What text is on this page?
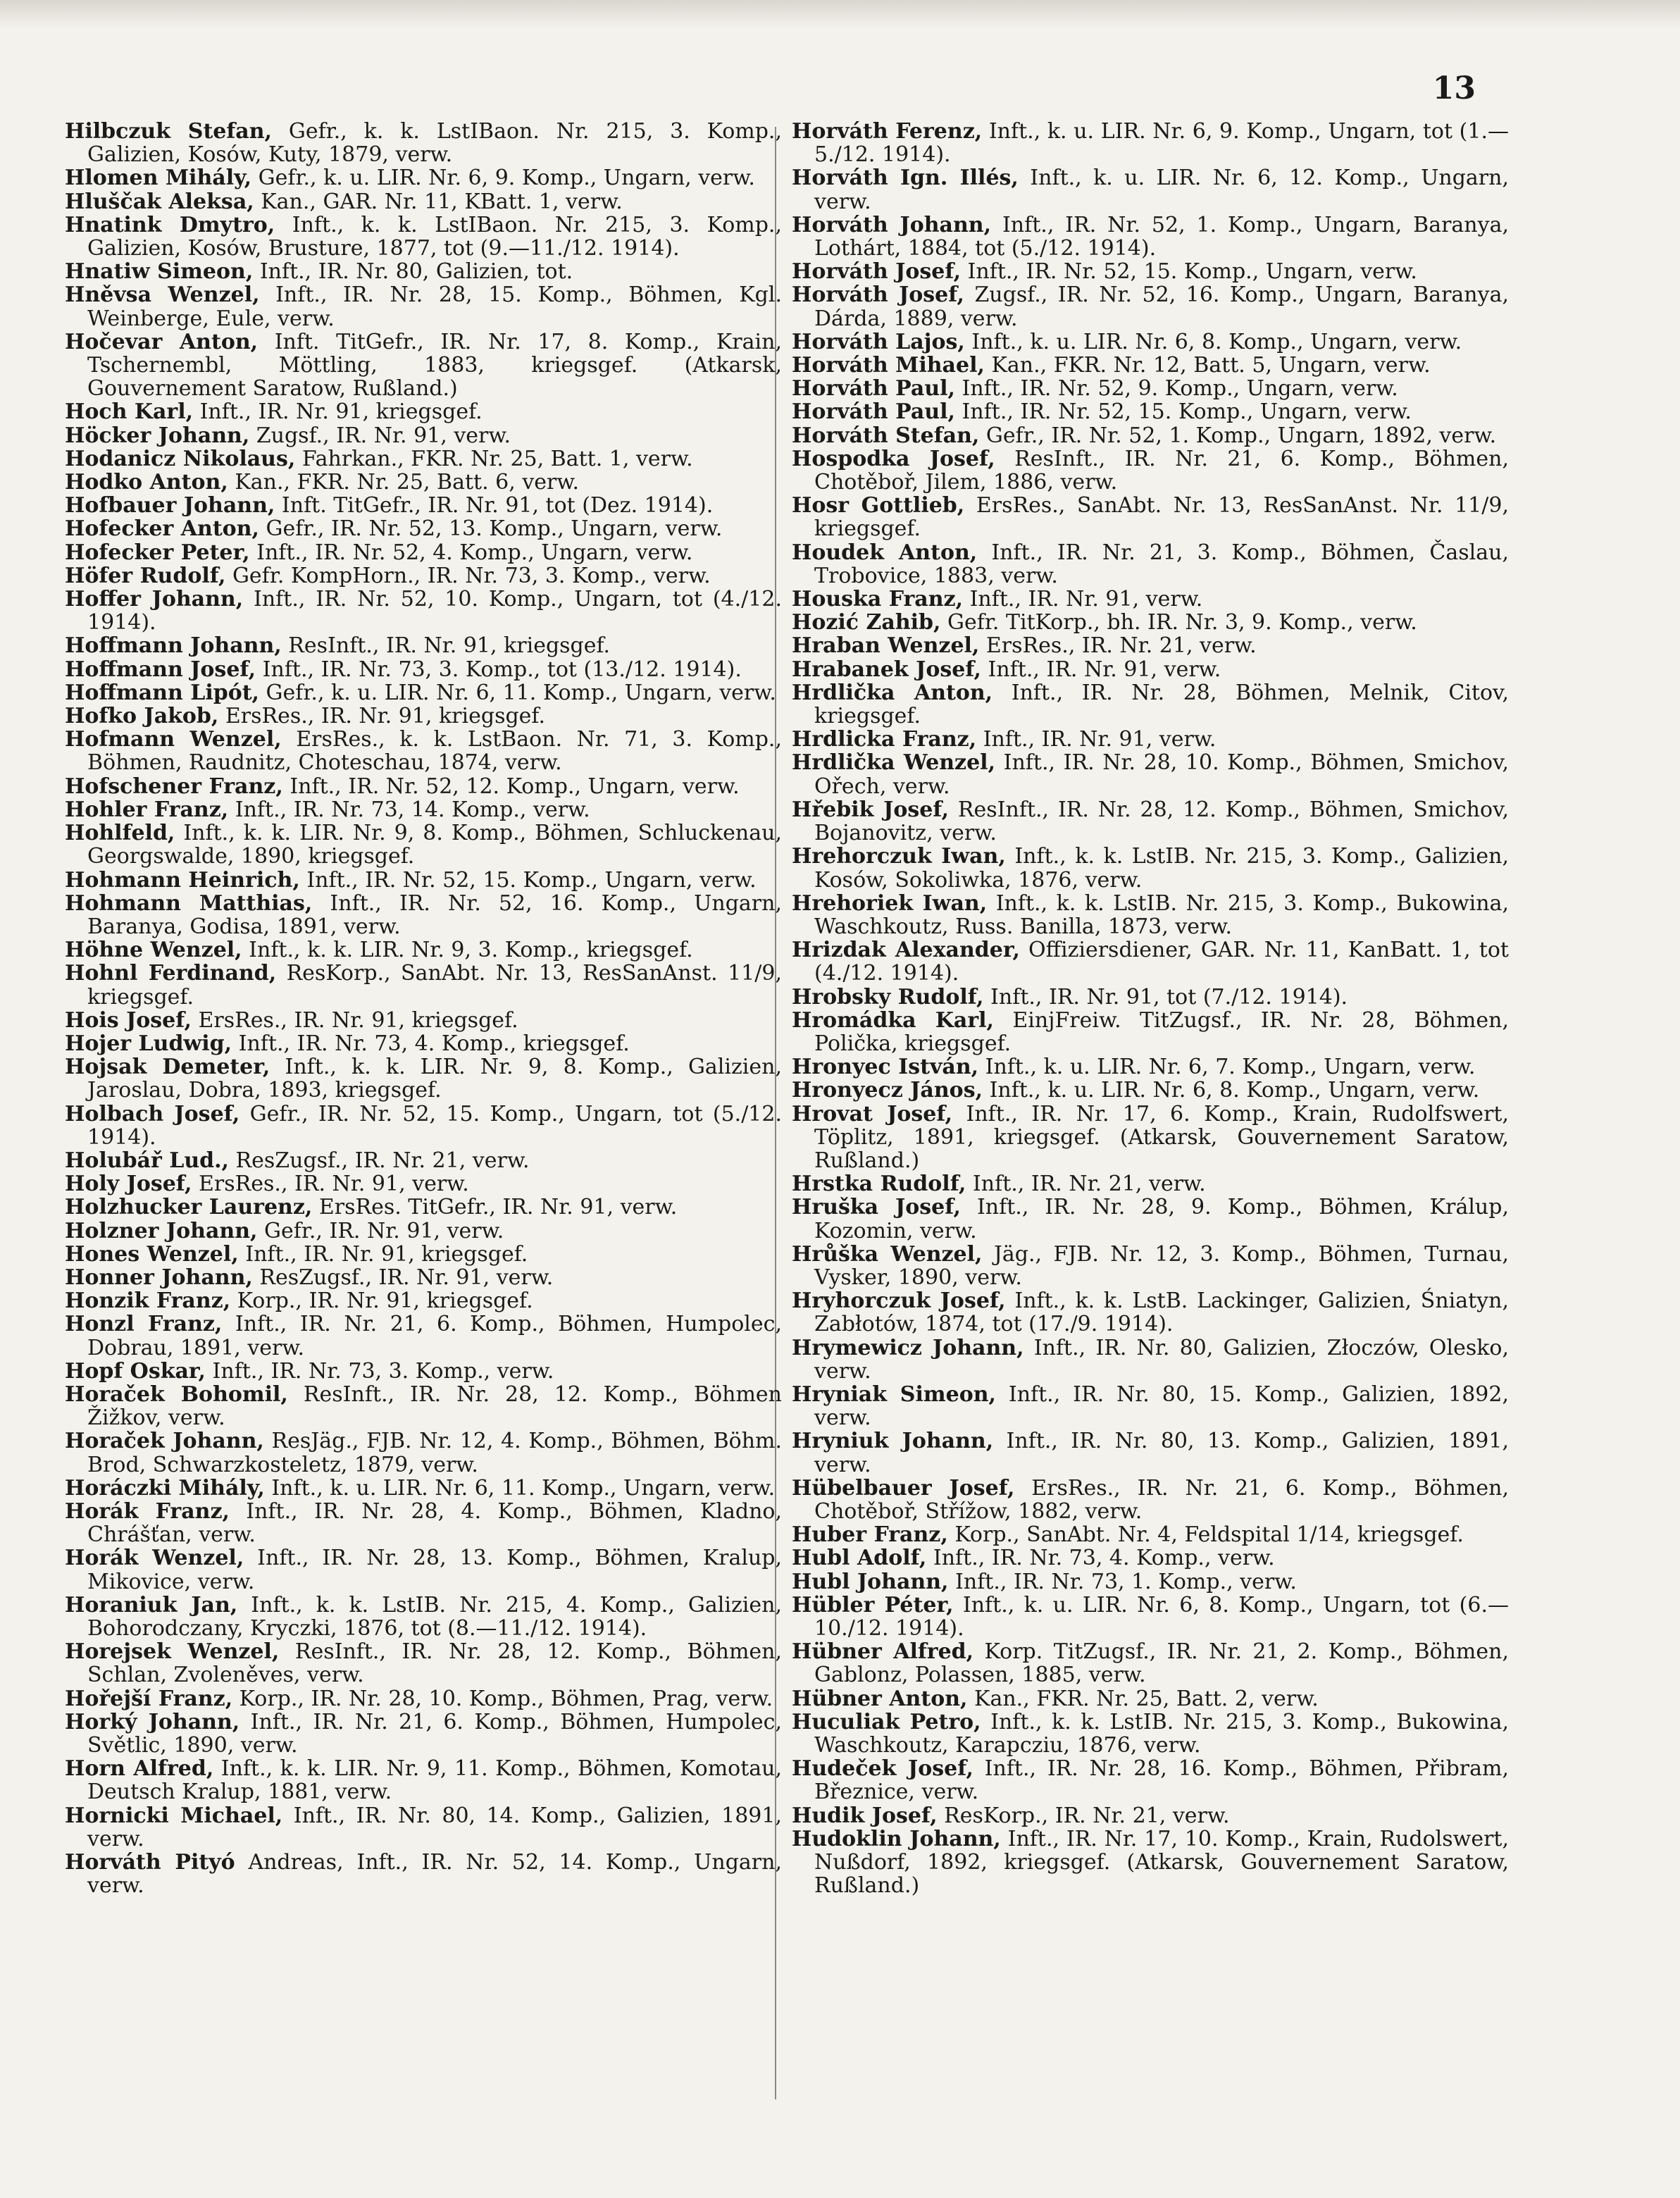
13

Hilbczuk Stefan, Gefr., k. k. LstIBaon. Nr. 215, 3. Komp., Galizien, Kosów, Kuty, 1879, verw.

Hlomen Mihály, Gefr., k. u. LIR. Nr. 6, 9. Komp., Ungarn, verw.

Hluščak Aleksa, Kan., GAR. Nr. 11, KBatt. 1, verw.

Hnatink Dmytro, Inft., k. k. LstIBaon. Nr. 215, 3. Komp., Galizien, Kosów, Brusture, 1877, tot (9.—11./12. 1914).

Hnatiw Simeon, Inft., IR. Nr. 80, Galizien, tot.

Hněvsa Wenzel, Inft., IR. Nr. 28, 15. Komp., Böhmen, Kgl. Weinberge, Eule, verw.

Hočevar Anton, Inft. TitGefr., IR. Nr. 17, 8. Komp., Krain, Tschernembl, Möttling, 1883, kriegsgef. (Atkarsk, Gouvernement Saratow, Rußland.)

Hoch Karl, Inft., IR. Nr. 91, kriegsgef.

Höcker Johann, Zugsf., IR. Nr. 91, verw.

Hodanicz Nikolaus, Fahrkan., FKR. Nr. 25, Batt. 1, verw.

Hodko Anton, Kan., FKR. Nr. 25, Batt. 6, verw.

Hofbauer Johann, Inft. TitGefr., IR. Nr. 91, tot (Dez. 1914).

Hofecker Anton, Gefr., IR. Nr. 52, 13. Komp., Ungarn, verw.

Hofecker Peter, Inft., IR. Nr. 52, 4. Komp., Ungarn, verw.

Höfer Rudolf, Gefr. KompHorn., IR. Nr. 73, 3. Komp., verw.

Hoffer Johann, Inft., IR. Nr. 52, 10. Komp., Ungarn, tot (4./12. 1914).

Hoffmann Johann, ResInft., IR. Nr. 91, kriegsgef.

Hoffmann Josef, Inft., IR. Nr. 73, 3. Komp., tot (13./12. 1914).

Hoffmann Lipót, Gefr., k. u. LIR. Nr. 6, 11. Komp., Ungarn, verw.

Hofko Jakob, ErsRes., IR. Nr. 91, kriegsgef.

Hofmann Wenzel, ErsRes., k. k. LstBaon. Nr. 71, 3. Komp., Böhmen, Raudnitz, Choteschau, 1874, verw.

Hofschener Franz, Inft., IR. Nr. 52, 12. Komp., Ungarn, verw.

Hohler Franz, Inft., IR. Nr. 73, 14. Komp., verw.

Hohlfeld, Inft., k. k. LIR. Nr. 9, 8. Komp., Böhmen, Schluckenau, Georgswalde, 1890, kriegsgef.

Hohmann Heinrich, Inft., IR. Nr. 52, 15. Komp., Ungarn, verw.

Hohmann Matthias, Inft., IR. Nr. 52, 16. Komp., Ungarn, Baranya, Godisa, 1891, verw.

Höhne Wenzel, Inft., k. k. LIR. Nr. 9, 3. Komp., kriegsgef.

Hohnl Ferdinand, ResKorp., SanAbt. Nr. 13, ResSanAnst. 11/9, kriegsgef.

Hois Josef, ErsRes., IR. Nr. 91, kriegsgef.

Hojer Ludwig, Inft., IR. Nr. 73, 4. Komp., kriegsgef.

Hojsak Demeter, Inft., k. k. LIR. Nr. 9, 8. Komp., Galizien, Jaroslau, Dobra, 1893, kriegsgef.

Holbach Josef, Gefr., IR. Nr. 52, 15. Komp., Ungarn, tot (5./12. 1914).

Holubář Lud., ResZugsf., IR. Nr. 21, verw.

Holy Josef, ErsRes., IR. Nr. 91, verw.

Holzhucker Laurenz, ErsRes. TitGefr., IR. Nr. 91, verw.

Holzner Johann, Gefr., IR. Nr. 91, verw.

Hones Wenzel, Inft., IR. Nr. 91, kriegsgef.

Honner Johann, ResZugsf., IR. Nr. 91, verw.

Honzik Franz, Korp., IR. Nr. 91, kriegsgef.

Honzl Franz, Inft., IR. Nr. 21, 6. Komp., Böhmen, Humpolec, Dobrau, 1891, verw.

Hopf Oskar, Inft., IR. Nr. 73, 3. Komp., verw.

Horaček Bohomil, ResInft., IR. Nr. 28, 12. Komp., Böhmen Žižkov, verw.

Horaček Johann, ResJäg., FJB. Nr. 12, 4. Komp., Böhmen, Böhm. Brod, Schwarzkosteletz, 1879, verw.

Horáczki Mihály, Inft., k. u. LIR. Nr. 6, 11. Komp., Ungarn, verw.

Horák Franz, Inft., IR. Nr. 28, 4. Komp., Böhmen, Kladno, Chrášťan, verw.

Horák Wenzel, Inft., IR. Nr. 28, 13. Komp., Böhmen, Kralup, Mikovice, verw.

Horaniuk Jan, Inft., k. k. LstIB. Nr. 215, 4. Komp., Galizien, Bohorodczany, Kryczki, 1876, tot (8.—11./12. 1914).

Horejsek Wenzel, ResInft., IR. Nr. 28, 12. Komp., Böhmen, Schlan, Zvoleněves, verw.

Hořejší Franz, Korp., IR. Nr. 28, 10. Komp., Böhmen, Prag, verw.

Horký Johann, Inft., IR. Nr. 21, 6. Komp., Böhmen, Humpolec, Světlic, 1890, verw.

Horn Alfred, Inft., k. k. LIR. Nr. 9, 11. Komp., Böhmen, Komotau, Deutsch Kralup, 1881, verw.

Hornicki Michael, Inft., IR. Nr. 80, 14. Komp., Galizien, 1891, verw.

Horváth Pityó Andreas, Inft., IR. Nr. 52, 14. Komp., Ungarn, verw.

Horváth Ferenz, Inft., k. u. LIR. Nr. 6, 9. Komp., Ungarn, tot (1.—5./12. 1914).

Horváth Ign. Illés, Inft., k. u. LIR. Nr. 6, 12. Komp., Ungarn, verw.

Horváth Johann, Inft., IR. Nr. 52, 1. Komp., Ungarn, Baranya, Lothárt, 1884, tot (5./12. 1914).

Horváth Josef, Inft., IR. Nr. 52, 15. Komp., Ungarn, verw.

Horváth Josef, Zugsf., IR. Nr. 52, 16. Komp., Ungarn, Baranya, Dárda, 1889, verw.

Horváth Lajos, Inft., k. u. LIR. Nr. 6, 8. Komp., Ungarn, verw.

Horváth Mihael, Kan., FKR. Nr. 12, Batt. 5, Ungarn, verw.

Horváth Paul, Inft., IR. Nr. 52, 9. Komp., Ungarn, verw.

Horváth Paul, Inft., IR. Nr. 52, 15. Komp., Ungarn, verw.

Horváth Stefan, Gefr., IR. Nr. 52, 1. Komp., Ungarn, 1892, verw.

Hospodka Josef, ResInft., IR. Nr. 21, 6. Komp., Böhmen, Chotěboř, Jilem, 1886, verw.

Hosr Gottlieb, ErsRes., SanAbt. Nr. 13, ResSanAnst. Nr. 11/9, kriegsgef.

Houdek Anton, Inft., IR. Nr. 21, 3. Komp., Böhmen, Časlau, Trobovice, 1883, verw.

Houska Franz, Inft., IR. Nr. 91, verw.

Hozić Zahib, Gefr. TitKorp., bh. IR. Nr. 3, 9. Komp., verw.

Hraban Wenzel, ErsRes., IR. Nr. 21, verw.

Hrabanek Josef, Inft., IR. Nr. 91, verw.

Hrdlička Anton, Inft., IR. Nr. 28, Böhmen, Melnik, Citov, kriegsgef.

Hrdlicka Franz, Inft., IR. Nr. 91, verw.

Hrdlička Wenzel, Inft., IR. Nr. 28, 10. Komp., Böhmen, Smichov, Ořech, verw.

Hřebik Josef, ResInft., IR. Nr. 28, 12. Komp., Böhmen, Smichov, Bojanovitz, verw.

Hrehorczuk Iwan, Inft., k. k. LstIB. Nr. 215, 3. Komp., Galizien, Kosów, Sokoliwka, 1876, verw.

Hrehoriek Iwan, Inft., k. k. LstIB. Nr. 215, 3. Komp., Bukowina, Waschkoutz, Russ. Banilla, 1873, verw.

Hrizdak Alexander, Offiziersdiener, GAR. Nr. 11, KanBatt. 1, tot (4./12. 1914).

Hrobsky Rudolf, Inft., IR. Nr. 91, tot (7./12. 1914).

Hromádka Karl, EinjFreiw. TitZugsf., IR. Nr. 28, Böhmen, Polička, kriegsgef.

Hronyec István, Inft., k. u. LIR. Nr. 6, 7. Komp., Ungarn, verw.

Hronyecz János, Inft., k. u. LIR. Nr. 6, 8. Komp., Ungarn, verw.

Hrovat Josef, Inft., IR. Nr. 17, 6. Komp., Krain, Rudolfswert, Töplitz, 1891, kriegsgef. (Atkarsk, Gouvernement Saratow, Rußland.)

Hrstka Rudolf, Inft., IR. Nr. 21, verw.

Hruška Josef, Inft., IR. Nr. 28, 9. Komp., Böhmen, Králup, Kozomin, verw.

Hrůška Wenzel, Jäg., FJB. Nr. 12, 3. Komp., Böhmen, Turnau, Vysker, 1890, verw.

Hryhorczuk Josef, Inft., k. k. LstB. Lackinger, Galizien, Śniatyn, Zabłotów, 1874, tot (17./9. 1914).

Hrymewicz Johann, Inft., IR. Nr. 80, Galizien, Złoczów, Olesko, verw.

Hryniak Simeon, Inft., IR. Nr. 80, 15. Komp., Galizien, 1892, verw.

Hryniuk Johann, Inft., IR. Nr. 80, 13. Komp., Galizien, 1891, verw.

Hübelbauer Josef, ErsRes., IR. Nr. 21, 6. Komp., Böhmen, Chotěboř, Střížow, 1882, verw.

Huber Franz, Korp., SanAbt. Nr. 4, Feldspital 1/14, kriegsgef.

Hubl Adolf, Inft., IR. Nr. 73, 4. Komp., verw.

Hubl Johann, Inft., IR. Nr. 73, 1. Komp., verw.

Hübler Péter, Inft., k. u. LIR. Nr. 6, 8. Komp., Ungarn, tot (6.—10./12. 1914).

Hübner Alfred, Korp. TitZugsf., IR. Nr. 21, 2. Komp., Böhmen, Gablonz, Polassen, 1885, verw.

Hübner Anton, Kan., FKR. Nr. 25, Batt. 2, verw.

Huculiak Petro, Inft., k. k. LstIB. Nr. 215, 3. Komp., Bukowina, Waschkoutz, Karapcziu, 1876, verw.

Hudeček Josef, Inft., IR. Nr. 28, 16. Komp., Böhmen, Přibram, Březnice, verw.

Hudik Josef, ResKorp., IR. Nr. 21, verw.

Hudoklin Johann, Inft., IR. Nr. 17, 10. Komp., Krain, Rudolswert, Nußdorf, 1892, kriegsgef. (Atkarsk, Gouvernement Saratow, Rußland.)
